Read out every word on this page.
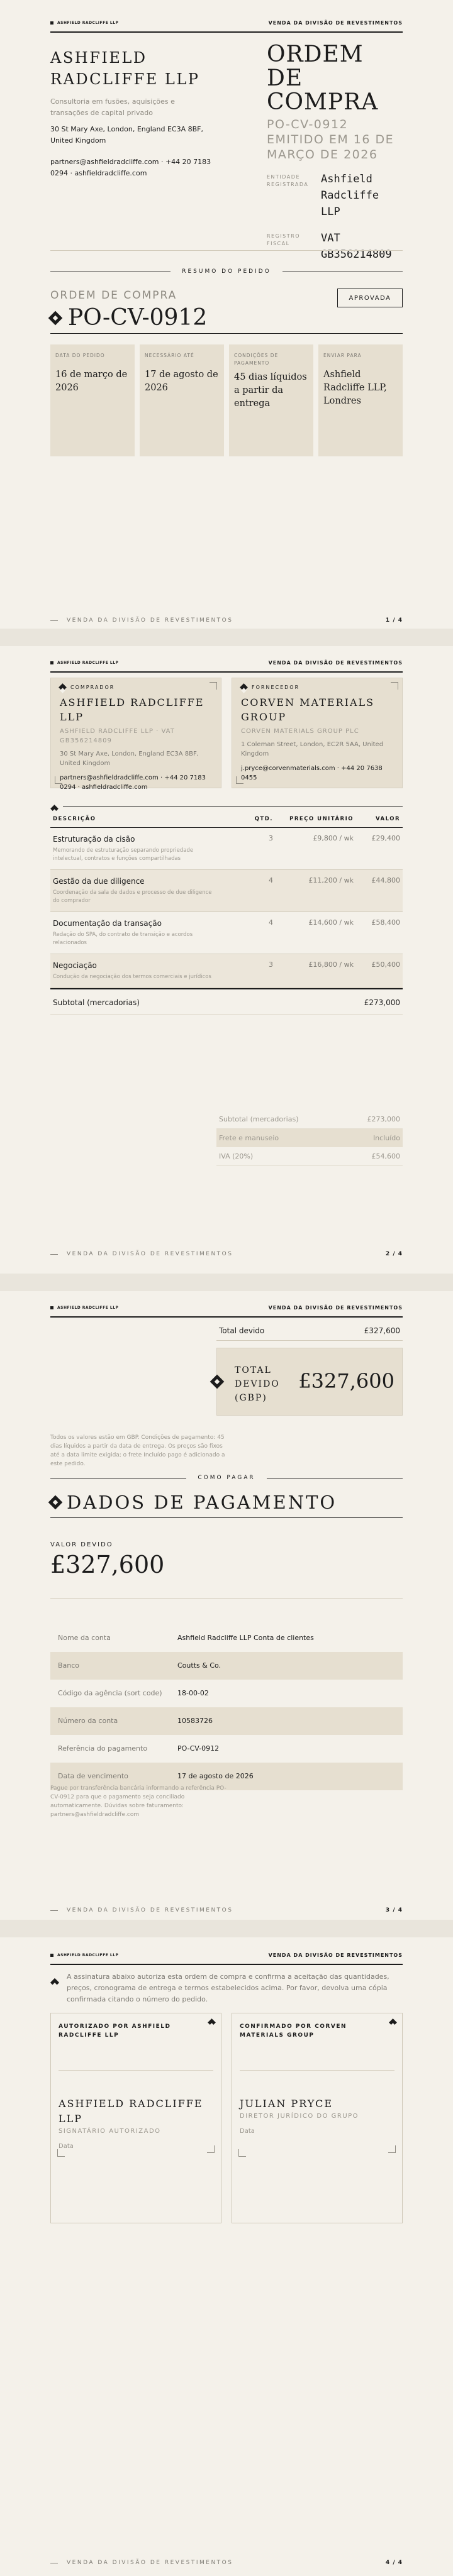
ASHFIELD RADCLIFFE LLP	VENDA DA DIVISÃO DE REVESTIMENTOS
ASHFIELD RADCLIFFE LLP
Consultoria em fusões, aquisições e transações de capital privado
30 St Mary Axe, London, England EC3A 8BF, United Kingdom
partners@ashfieldradcliffe.com · +44 20 7183 0294 · ashfieldradcliffe.com
ORDEM DE COMPRA
PO-CV-0912
EMITIDO EM 16 DE MARÇO DE 2026
ENTIDADE REGISTRADA	Ashfield Radcliffe LLP
REGISTRO FISCAL	VAT GB356214809
RESUMO DO PEDIDO
ORDEM DE COMPRA
PO-CV-0912
APROVADA
DATA DO PEDIDO
16 de março de 2026
NECESSÁRIO ATÉ
17 de agosto de 2026
CONDIÇÕES DE PAGAMENTO
45 dias líquidos a partir da entrega
ENVIAR PARA
Ashfield Radcliffe LLP, Londres
VENDA DA DIVISÃO DE REVESTIMENTOS	1 / 4
ASHFIELD RADCLIFFE LLP	VENDA DA DIVISÃO DE REVESTIMENTOS
COMPRADOR
ASHFIELD RADCLIFFE LLP
ASHFIELD RADCLIFFE LLP · VAT GB356214809
30 St Mary Axe, London, England EC3A 8BF, United Kingdom
partners@ashfieldradcliffe.com · +44 20 7183 0294 · ashfieldradcliffe.com
FORNECEDOR
CORVEN MATERIALS GROUP
CORVEN MATERIALS GROUP PLC
1 Coleman Street, London, EC2R 5AA, United Kingdom
j.pryce@corvenmaterials.com · +44 20 7638 0455
DESCRIÇÃO	QTD.	PREÇO UNITÁRIO	VALOR
Estruturação da cisão
Memorando de estruturação separando propriedade intelectual, contratos e funções compartilhadas
3	£9,800 / wk	£29,400
Gestão da due diligence
Coordenação da sala de dados e processo de due diligence do comprador
4	£11,200 / wk	£44,800
Documentação da transação
Redação do SPA, do contrato de transição e acordos relacionados
4	£14,600 / wk	£58,400
Negociação
Condução da negociação dos termos comerciais e jurídicos
3	£16,800 / wk	£50,400
Subtotal (mercadorias)	£273,000
Subtotal (mercadorias)	£273,000
Frete e manuseio	Incluído
IVA (20%)	£54,600
VENDA DA DIVISÃO DE REVESTIMENTOS	2 / 4
ASHFIELD RADCLIFFE LLP	VENDA DA DIVISÃO DE REVESTIMENTOS
Total devido	£327,600
TOTAL DEVIDO (GBP)
£327,600
Todos os valores estão em GBP. Condições de pagamento: 45 dias líquidos a partir da data de entrega. Os preços são fixos até a data limite exigida; o frete Incluído pago é adicionado a este pedido.
COMO PAGAR
DADOS DE PAGAMENTO
VALOR DEVIDO
£327,600
Nome da conta	Ashfield Radcliffe LLP Conta de clientes
Banco	Coutts & Co.
Código da agência (sort code)	18-00-02
Número da conta	10583726
Referência do pagamento	PO-CV-0912
Data de vencimento	17 de agosto de 2026
Pague por transferência bancária informando a referência PO-CV-0912 para que o pagamento seja conciliado automaticamente. Dúvidas sobre faturamento: partners@ashfieldradcliffe.com
VENDA DA DIVISÃO DE REVESTIMENTOS	3 / 4
ASHFIELD RADCLIFFE LLP	VENDA DA DIVISÃO DE REVESTIMENTOS
A assinatura abaixo autoriza esta ordem de compra e confirma a aceitação das quantidades, preços, cronograma de entrega e termos estabelecidos acima. Por favor, devolva uma cópia confirmada citando o número do pedido.
AUTORIZADO POR ASHFIELD RADCLIFFE LLP
ASHFIELD RADCLIFFE LLP
SIGNATÁRIO AUTORIZADO
Data
CONFIRMADO POR CORVEN MATERIALS GROUP
JULIAN PRYCE
DIRETOR JURÍDICO DO GRUPO
Data
VENDA DA DIVISÃO DE REVESTIMENTOS	4 / 4
